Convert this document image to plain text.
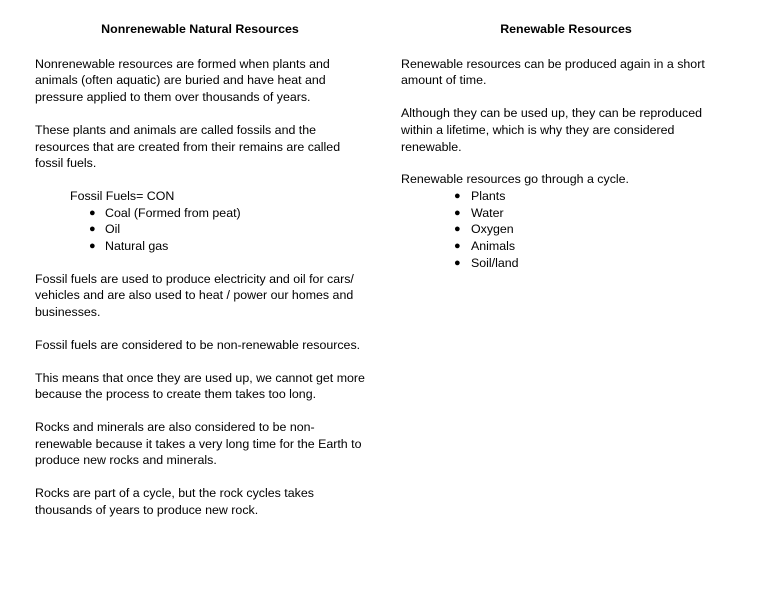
Nonrenewable Natural Resources

Nonrenewable resources are formed when plants and animals (often aquatic) are buried and have heat and pressure applied to them over thousands of years.

These plants and animals are called fossils and the resources that are created from their remains are called fossil fuels.

Fossil Fuels= CON

● Coal (Formed from peat)
● Oil
● Natural gas

Fossil fuels are used to produce electricity and oil for cars/ vehicles and are also used to heat / power our homes and businesses.

Fossil fuels are considered to be non-renewable resources.

This means that once they are used up, we cannot get more because the process to create them takes too long.

Rocks and minerals are also considered to be non-renewable because it takes a very long time for the Earth to produce new rocks and minerals.

Rocks are part of a cycle, but the rock cycles takes thousands of years to produce new rock.

Renewable Resources

Renewable resources can be produced again in a short amount of time.

Although they can be used up, they can be reproduced within a lifetime, which is why they are considered renewable.

Renewable resources go through a cycle.

● Plants
● Water
● Oxygen
● Animals
● Soil/land
